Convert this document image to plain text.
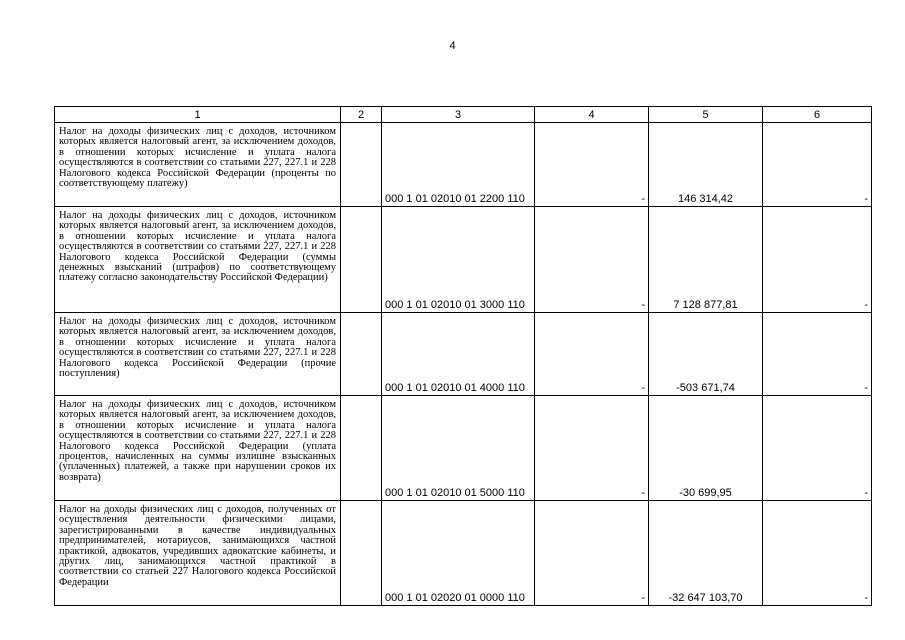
4
1	2	3	4	5	6
Налог на доходы физических лиц с доходов, источником которых является налоговый агент, за исключением доходов, в отношении которых исчисление и уплата налога осуществляются в соответствии со статьями 227, 227.1 и 228 Налогового кодекса Российской Федерации (проценты по соответствующему платежу)		000 1 01 02010 01 2200 110	-	146 314,42	-
Налог на доходы физических лиц с доходов, источником которых является налоговый агент, за исключением доходов, в отношении которых исчисление и уплата налога осуществляются в соответствии со статьями 227, 227.1 и 228 Налогового кодекса Российской Федерации (суммы денежных взысканий (штрафов) по соответствующему платежу согласно законодательству Российской Федерации)		000 1 01 02010 01 3000 110	-	7 128 877,81	-
Налог на доходы физических лиц с доходов, источником которых является налоговый агент, за исключением доходов, в отношении которых исчисление и уплата налога осуществляются в соответствии со статьями 227, 227.1 и 228 Налогового кодекса Российской Федерации (прочие поступления)		000 1 01 02010 01 4000 110	-	-503 671,74	-
Налог на доходы физических лиц с доходов, источником которых является налоговый агент, за исключением доходов, в отношении которых исчисление и уплата налога осуществляются в соответствии со статьями 227, 227.1 и 228 Налогового кодекса Российской Федерации (уплата процентов, начисленных на суммы излишне взысканных (уплаченных) платежей, а также при нарушении сроков их возврата)		000 1 01 02010 01 5000 110	-	-30 699,95	-
Налог на доходы физических лиц с доходов, полученных от осуществления деятельности физическими лицами, зарегистрированными в качестве индивидуальных предпринимателей, нотариусов, занимающихся частной практикой, адвокатов, учредивших адвокатские кабинеты, и других лиц, занимающихся частной практикой в соответствии со статьей 227 Налогового кодекса Российской Федерации		000 1 01 02020 01 0000 110	-	-32 647 103,70	-
